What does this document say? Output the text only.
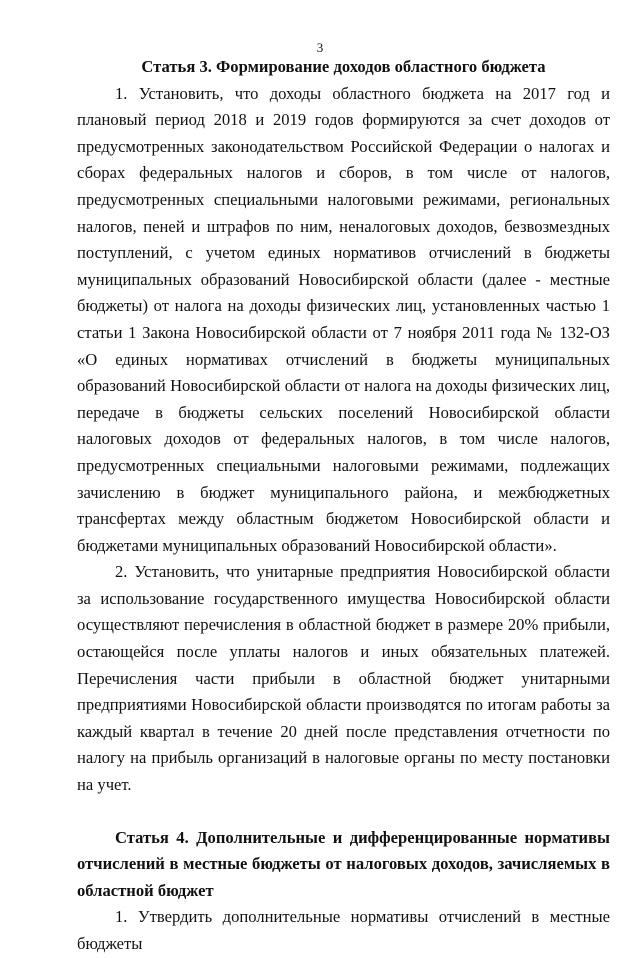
3

Статья 3. Формирование доходов областного бюджета

1. Установить, что доходы областного бюджета на 2017 год и плановый период 2018 и 2019 годов формируются за счет доходов от предусмотренных законодательством Российской Федерации о налогах и сборах федеральных налогов и сборов, в том числе от налогов, предусмотренных специальными налоговыми режимами, региональных налогов, пеней и штрафов по ним, неналоговых доходов, безвозмездных поступлений, с учетом единых нормативов отчислений в бюджеты муниципальных образований Новосибирской области (далее - местные бюджеты) от налога на доходы физических лиц, установленных частью 1 статьи 1 Закона Новосибирской области от 7 ноября 2011 года № 132-ОЗ «О единых нормативах отчислений в бюджеты муниципальных образований Новосибирской области от налога на доходы физических лиц, передаче в бюджеты сельских поселений Новосибирской области налоговых доходов от федеральных налогов, в том числе налогов, предусмотренных специальными налоговыми режимами, подлежащих зачислению в бюджет муниципального района, и межбюджетных трансфертах между областным бюджетом Новосибирской области и бюджетами муниципальных образований Новосибирской области».

2. Установить, что унитарные предприятия Новосибирской области за использование государственного имущества Новосибирской области осуществляют перечисления в областной бюджет в размере 20% прибыли, остающейся после уплаты налогов и иных обязательных платежей. Перечисления части прибыли в областной бюджет унитарными предприятиями Новосибирской области производятся по итогам работы за каждый квартал в течение 20 дней после представления отчетности по налогу на прибыль организаций в налоговые органы по месту постановки на учет.

Статья 4. Дополнительные и дифференцированные нормативы отчислений в местные бюджеты от налоговых доходов, зачисляемых в областной бюджет

1. Утвердить дополнительные нормативы отчислений в местные бюджеты
